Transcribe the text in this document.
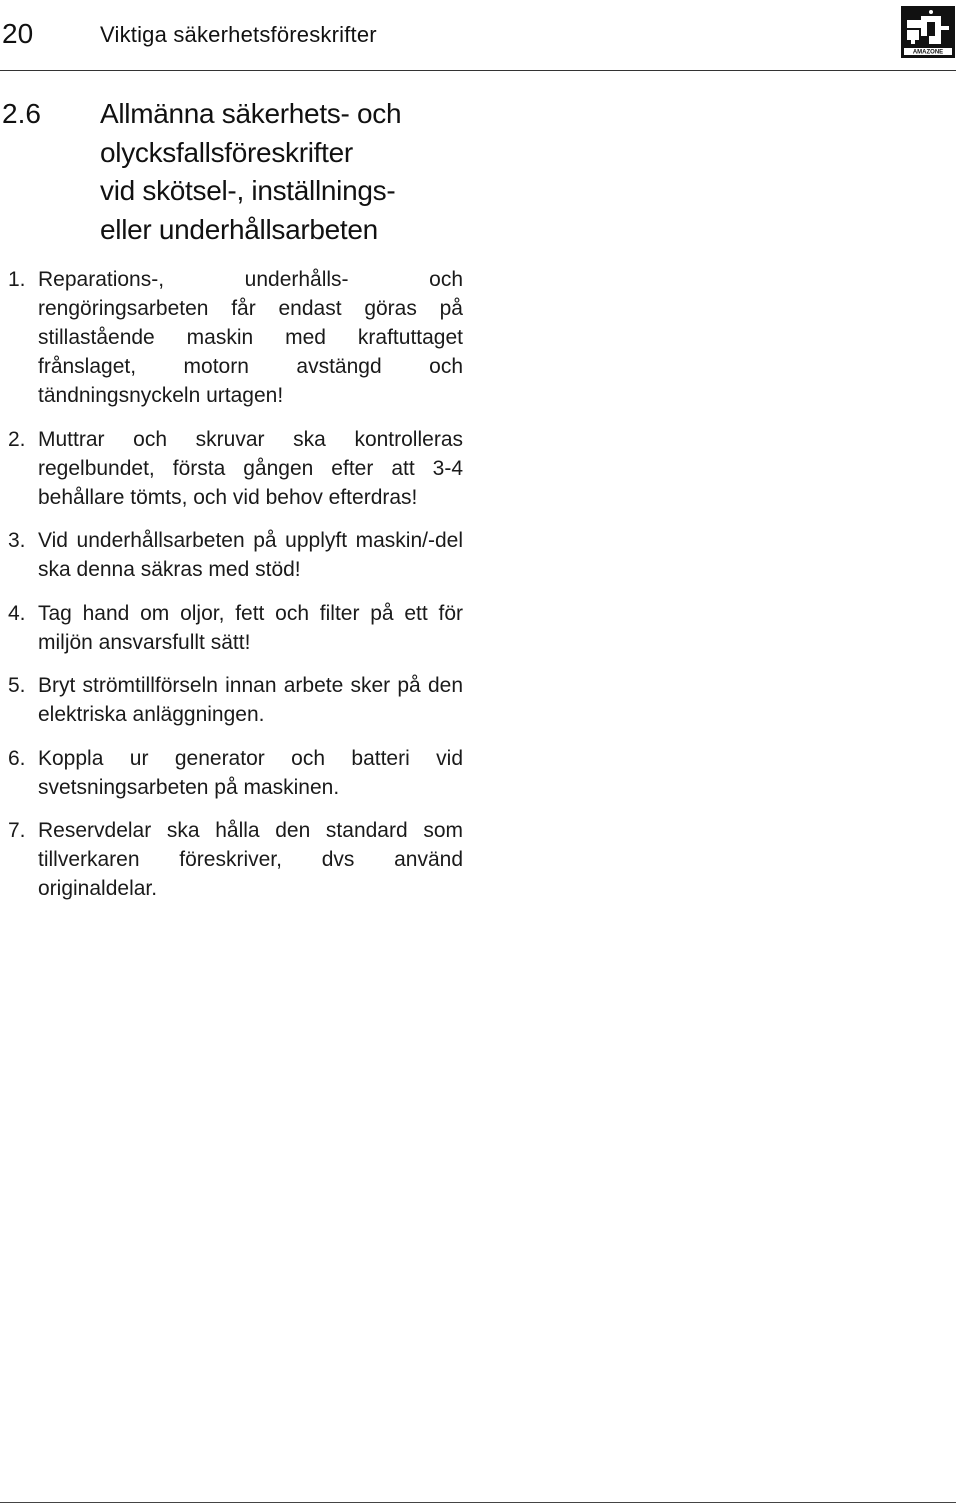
20	Viktiga säkerhetsföreskrifter
AMAZONE
2.6 Allmänna säkerhets- och
olycksfallsföreskrifter
vid skötsel-, inställnings-
eller underhållsarbeten
1. Reparations-, underhålls- och rengöringsarbeten får endast göras på stillastående maskin med kraftuttaget frånslaget, motorn avstängd och tändningsnyckeln urtagen!
2. Muttrar och skruvar ska kontrolleras regelbundet, första gången efter att 3-4 behållare tömts, och vid behov efterdras!
3. Vid underhållsarbeten på upplyft maskin/-del ska denna säkras med stöd!
4. Tag hand om oljor, fett och filter på ett för miljön ansvarsfullt sätt!
5. Bryt strömtillförseln innan arbete sker på den elektriska anläggningen.
6. Koppla ur generator och batteri vid svetsningsarbeten på maskinen.
7. Reservdelar ska hålla den standard som tillverkaren föreskriver, dvs använd originaldelar.
